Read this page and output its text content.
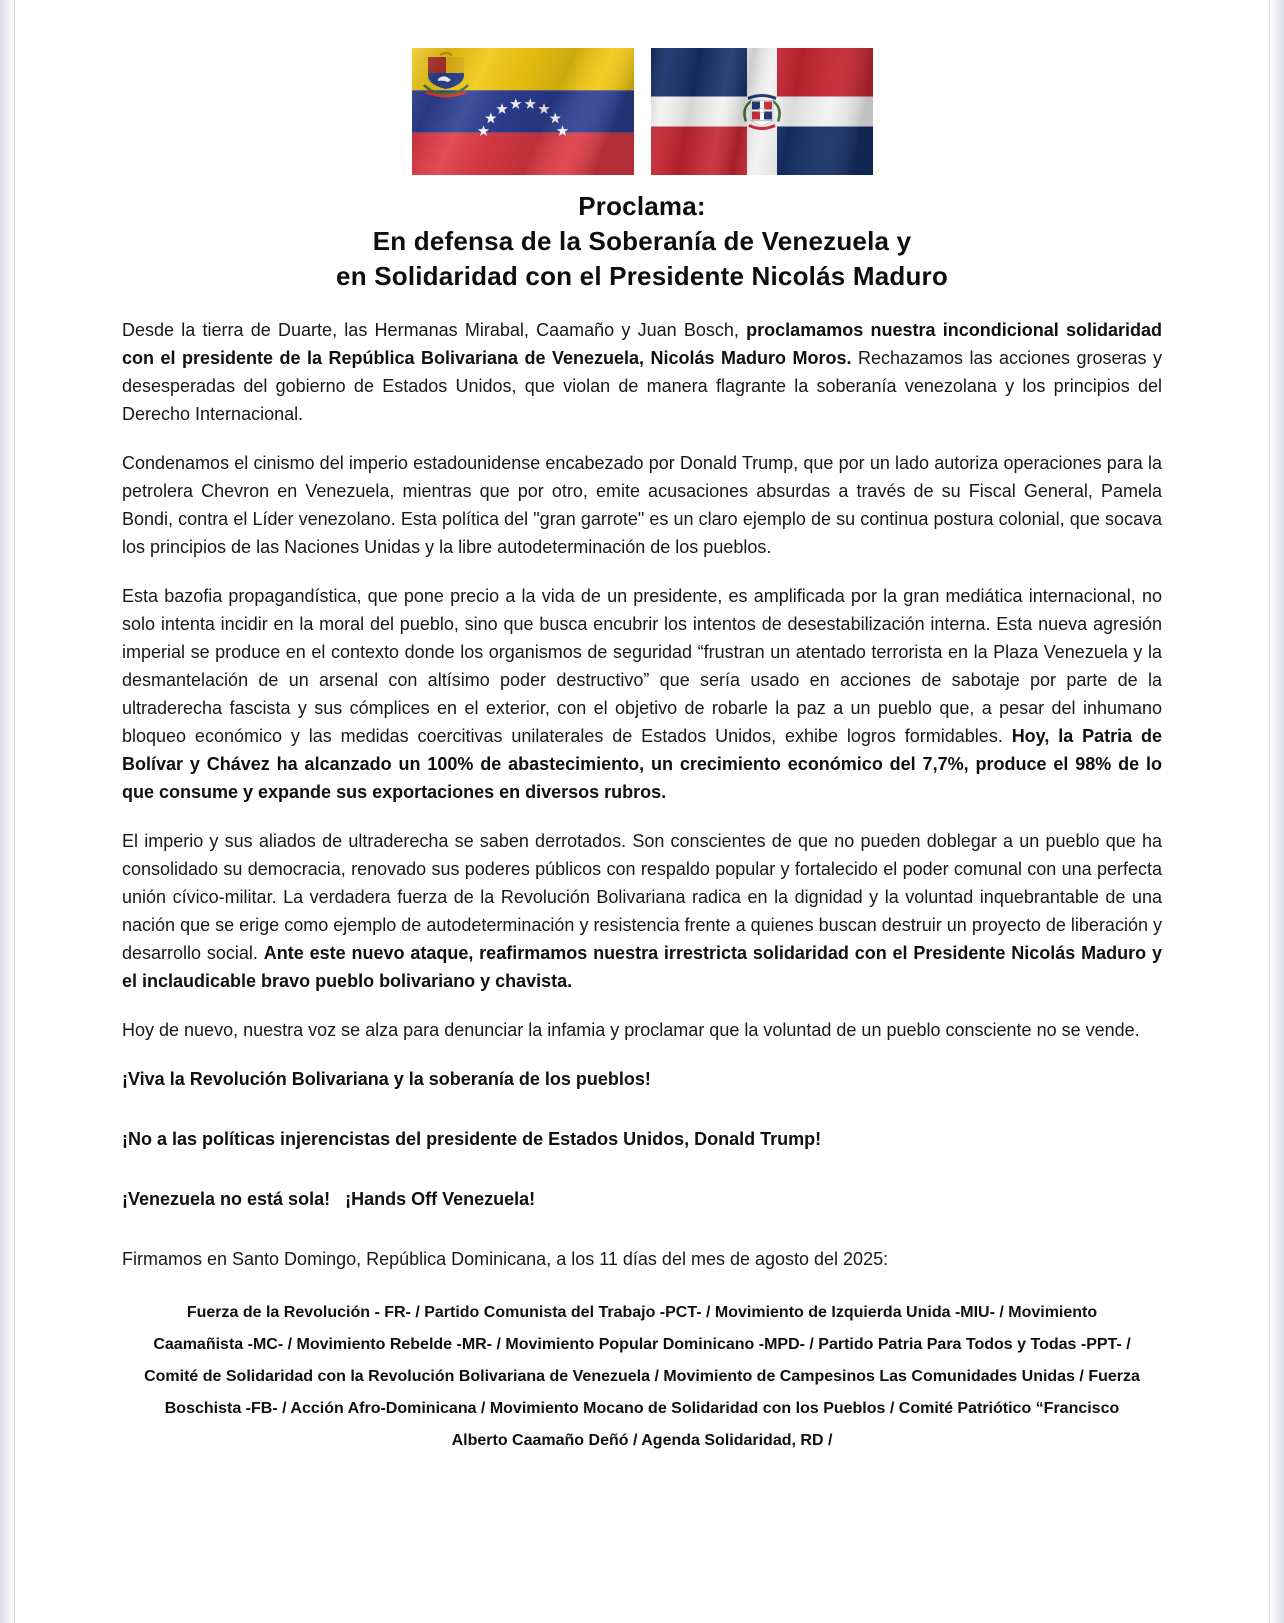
Proclama:
En defensa de la Soberanía de Venezuela y
en Solidaridad con el Presidente Nicolás Maduro

Desde la tierra de Duarte, las Hermanas Mirabal, Caamaño y Juan Bosch, proclamamos nuestra incondicional solidaridad con el presidente de la República Bolivariana de Venezuela, Nicolás Maduro Moros. Rechazamos las acciones groseras y desesperadas del gobierno de Estados Unidos, que violan de manera flagrante la soberanía venezolana y los principios del Derecho Internacional.

Condenamos el cinismo del imperio estadounidense encabezado por Donald Trump, que por un lado autoriza operaciones para la petrolera Chevron en Venezuela, mientras que por otro, emite acusaciones absurdas a través de su Fiscal General, Pamela Bondi, contra el Líder venezolano. Esta política del "gran garrote" es un claro ejemplo de su continua postura colonial, que socava los principios de las Naciones Unidas y la libre autodeterminación de los pueblos.

Esta bazofia propagandística, que pone precio a la vida de un presidente, es amplificada por la gran mediática internacional, no solo intenta incidir en la moral del pueblo, sino que busca encubrir los intentos de desestabilización interna. Esta nueva agresión imperial se produce en el contexto donde los organismos de seguridad “frustran un atentado terrorista en la Plaza Venezuela y la desmantelación de un arsenal con altísimo poder destructivo” que sería usado en acciones de sabotaje por parte de la ultraderecha fascista y sus cómplices en el exterior, con el objetivo de robarle la paz a un pueblo que, a pesar del inhumano bloqueo económico y las medidas coercitivas unilaterales de Estados Unidos, exhibe logros formidables. Hoy, la Patria de Bolívar y Chávez ha alcanzado un 100% de abastecimiento, un crecimiento económico del 7,7%, produce el 98% de lo que consume y expande sus exportaciones en diversos rubros.

El imperio y sus aliados de ultraderecha se saben derrotados. Son conscientes de que no pueden doblegar a un pueblo que ha consolidado su democracia, renovado sus poderes públicos con respaldo popular y fortalecido el poder comunal con una perfecta unión cívico-militar. La verdadera fuerza de la Revolución Bolivariana radica en la dignidad y la voluntad inquebrantable de una nación que se erige como ejemplo de autodeterminación y resistencia frente a quienes buscan destruir un proyecto de liberación y desarrollo social. Ante este nuevo ataque, reafirmamos nuestra irrestricta solidaridad con el Presidente Nicolás Maduro y el inclaudicable bravo pueblo bolivariano y chavista.

Hoy de nuevo, nuestra voz se alza para denunciar la infamia y proclamar que la voluntad de un pueblo consciente no se vende.

¡Viva la Revolución Bolivariana y la soberanía de los pueblos!

¡No a las políticas injerencistas del presidente de Estados Unidos, Donald Trump!

¡Venezuela no está sola!   ¡Hands Off Venezuela!

Firmamos en Santo Domingo, República Dominicana, a los 11 días del mes de agosto del 2025:

Fuerza de la Revolución - FR- / Partido Comunista del Trabajo -PCT- / Movimiento de Izquierda Unida -MIU- / Movimiento Caamañista -MC- / Movimiento Rebelde -MR- / Movimiento Popular Dominicano -MPD- / Partido Patria Para Todos y Todas -PPT- / Comité de Solidaridad con la Revolución Bolivariana de Venezuela / Movimiento de Campesinos Las Comunidades Unidas / Fuerza Boschista -FB- / Acción Afro-Dominicana / Movimiento Mocano de Solidaridad con los Pueblos / Comité Patriótico “Francisco Alberto Caamaño Deñó / Agenda Solidaridad, RD /
